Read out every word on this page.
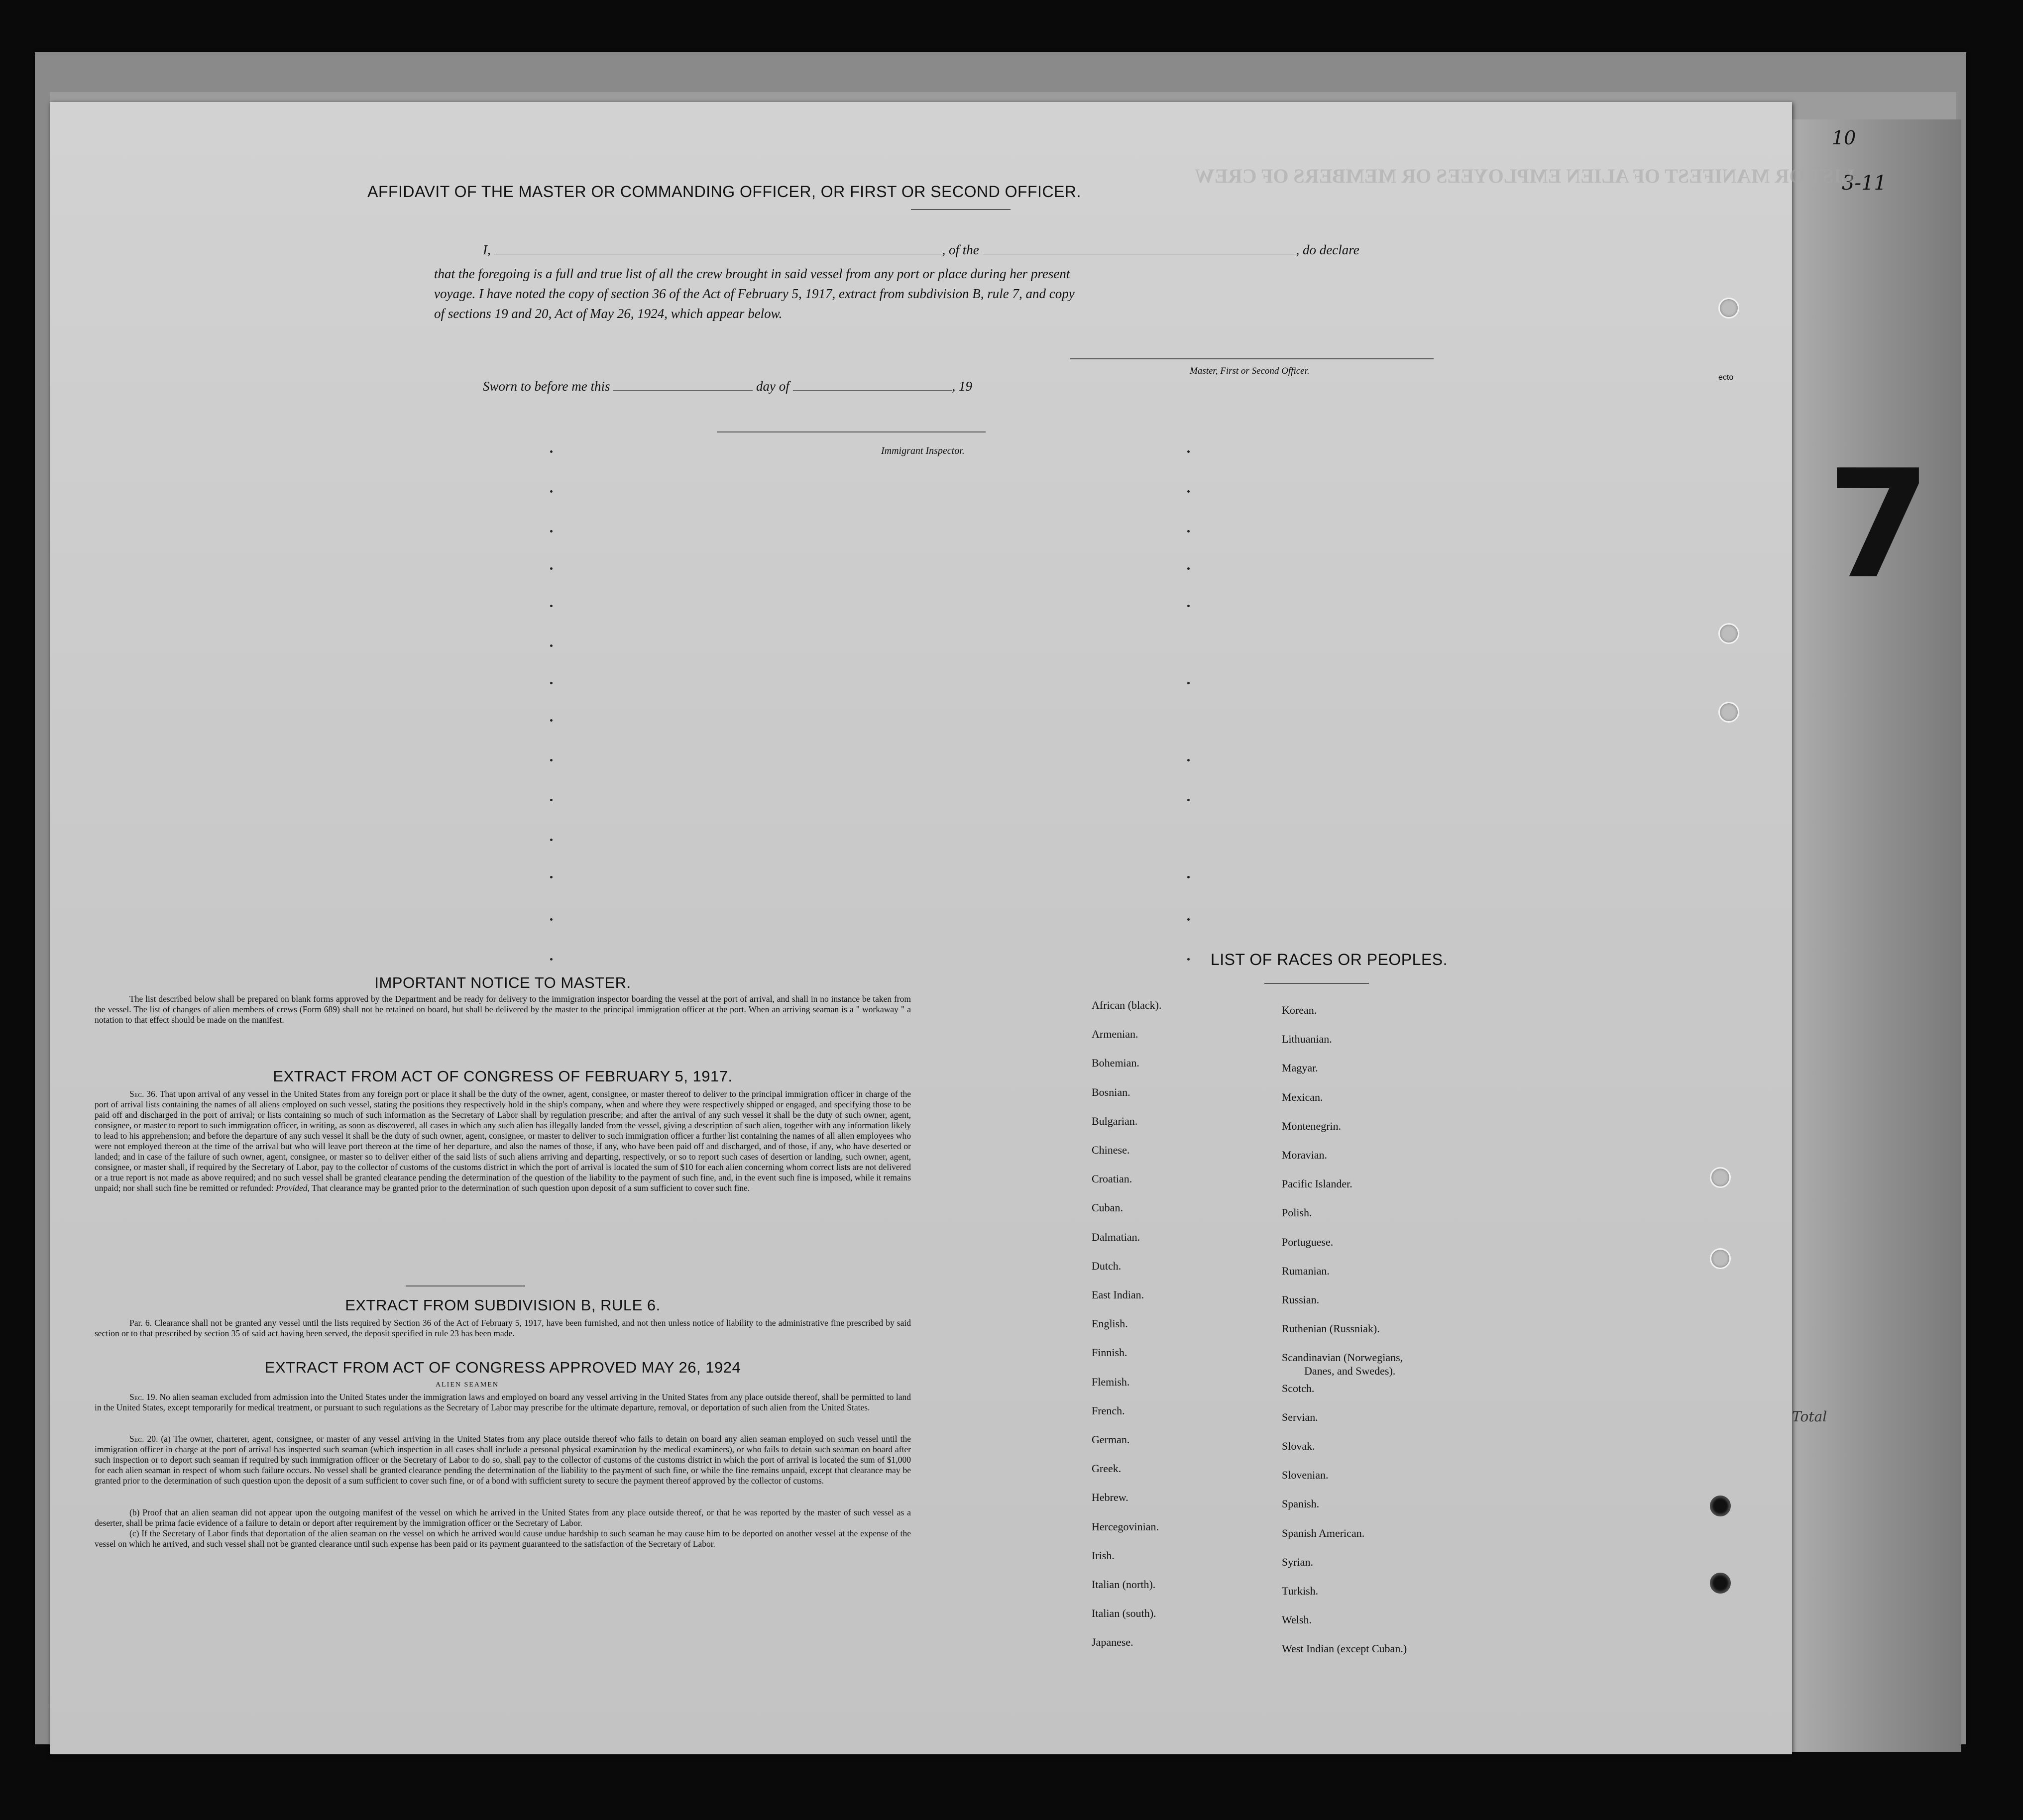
10
3-11
7
Total
LIST OR MANIFEST OF ALIEN EMPLOYEES OR MEMBERS OF CREW
ecto
AFFIDAVIT OF THE MASTER OR COMMANDING OFFICER, OR FIRST OR SECOND OFFICER.
I,	, of the	, do declare
that the foregoing is a full and true list of all the crew brought in said vessel from any port or place during her present
voyage. I have noted the copy of section 36 of the Act of February 5, 1917, extract from subdivision B, rule 7, and copy
of sections 19 and 20, Act of May 26, 1924, which appear below.
Master, First or Second Officer.
Sworn to before me this	day of	, 19
Immigrant Inspector.
IMPORTANT NOTICE TO MASTER.
The list described below shall be prepared on blank forms approved by the Department and be ready for delivery to the immigration inspector boarding the vessel at the port of arrival, and shall in no instance be taken from the vessel. The list of changes of alien members of crews (Form 689) shall not be retained on board, but shall be delivered by the master to the principal immigration officer at the port. When an arriving seaman is a " workaway " a notation to that effect should be made on the manifest.
EXTRACT FROM ACT OF CONGRESS OF FEBRUARY 5, 1917.
Sec. 36. That upon arrival of any vessel in the United States from any foreign port or place it shall be the duty of the owner, agent, consignee, or master thereof to deliver to the principal immigration officer in charge of the port of arrival lists containing the names of all aliens employed on such vessel, stating the positions they respectively hold in the ship's company, when and where they were respectively shipped or engaged, and specifying those to be paid off and discharged in the port of arrival; or lists containing so much of such information as the Secretary of Labor shall by regulation prescribe; and after the arrival of any such vessel it shall be the duty of such owner, agent, consignee, or master to report to such immigration officer, in writing, as soon as discovered, all cases in which any such alien has illegally landed from the vessel, giving a description of such alien, together with any information likely to lead to his apprehension; and before the departure of any such vessel it shall be the duty of such owner, agent, consignee, or master to deliver to such immigration officer a further list containing the names of all alien employees who were not employed thereon at the time of the arrival but who will leave port thereon at the time of her departure, and also the names of those, if any, who have been paid off and discharged, and of those, if any, who have deserted or landed; and in case of the failure of such owner, agent, consignee, or master so to deliver either of the said lists of such aliens arriving and departing, respectively, or so to report such cases of desertion or landing, such owner, agent, consignee, or master shall, if required by the Secretary of Labor, pay to the collector of customs of the customs district in which the port of arrival is located the sum of $10 for each alien concerning whom correct lists are not delivered or a true report is not made as above required; and no such vessel shall be granted clearance pending the determination of the question of the liability to the payment of such fine, and, in the event such fine is imposed, while it remains unpaid; nor shall such fine be remitted or refunded: Provided, That clearance may be granted prior to the determination of such question upon deposit of a sum sufficient to cover such fine.
EXTRACT FROM SUBDIVISION B, RULE 6.
Par. 6. Clearance shall not be granted any vessel until the lists required by Section 36 of the Act of February 5, 1917, have been furnished, and not then unless notice of liability to the administrative fine prescribed by said section or to that prescribed by section 35 of said act having been served, the deposit specified in rule 23 has been made.
EXTRACT FROM ACT OF CONGRESS APPROVED MAY 26, 1924
ALIEN SEAMEN
Sec. 19. No alien seaman excluded from admission into the United States under the immigration laws and employed on board any vessel arriving in the United States from any place outside thereof, shall be permitted to land in the United States, except temporarily for medical treatment, or pursuant to such regulations as the Secretary of Labor may prescribe for the ultimate departure, removal, or deportation of such alien from the United States.
Sec. 20. (a) The owner, charterer, agent, consignee, or master of any vessel arriving in the United States from any place outside thereof who fails to detain on board any alien seaman employed on such vessel until the immigration officer in charge at the port of arrival has inspected such seaman (which inspection in all cases shall include a personal physical examination by the medical examiners), or who fails to detain such seaman on board after such inspection or to deport such seaman if required by such immigration officer or the Secretary of Labor to do so, shall pay to the collector of customs of the customs district in which the port of arrival is located the sum of $1,000 for each alien seaman in respect of whom such failure occurs. No vessel shall be granted clearance pending the determination of the liability to the payment of such fine, or while the fine remains unpaid, except that clearance may be granted prior to the determination of such question upon the deposit of a sum sufficient to cover such fine, or of a bond with sufficient surety to secure the payment thereof approved by the collector of customs.
(b) Proof that an alien seaman did not appear upon the outgoing manifest of the vessel on which he arrived in the United States from any place outside thereof, or that he was reported by the master of such vessel as a deserter, shall be prima facie evidence of a failure to detain or deport after requirement by the immigration officer or the Secretary of Labor.
(c) If the Secretary of Labor finds that deportation of the alien seaman on the vessel on which he arrived would cause undue hardship to such seaman he may cause him to be deported on another vessel at the expense of the vessel on which he arrived, and such vessel shall not be granted clearance until such expense has been paid or its payment guaranteed to the satisfaction of the Secretary of Labor.
LIST OF RACES OR PEOPLES.
African (black).
Armenian.
Bohemian.
Bosnian.
Bulgarian.
Chinese.
Croatian.
Cuban.
Dalmatian.
Dutch.
East Indian.
English.
Finnish.
Flemish.
French.
German.
Greek.
Hebrew.
Hercegovinian.
Irish.
Italian (north).
Italian (south).
Japanese.
Korean.
Lithuanian.
Magyar.
Mexican.
Montenegrin.
Moravian.
Pacific Islander.
Polish.
Portuguese.
Rumanian.
Russian.
Ruthenian (Russniak).
Scandinavian (Norwegians,
Danes, and Swedes).
Scotch.
Servian.
Slovak.
Slovenian.
Spanish.
Spanish American.
Syrian.
Turkish.
Welsh.
West Indian (except Cuban.)
